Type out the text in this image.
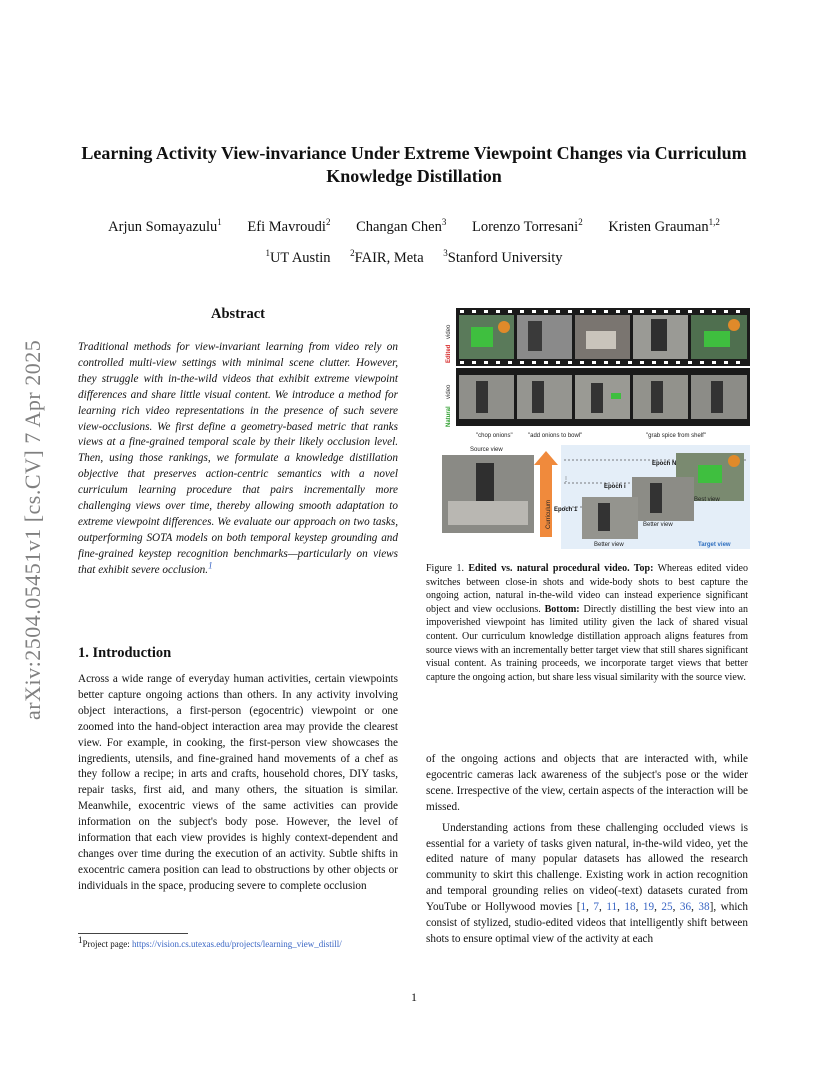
arXiv:2504.05451v1 [cs.CV] 7 Apr 2025
Learning Activity View-invariance Under Extreme Viewpoint Changes via Curriculum Knowledge Distillation
Arjun Somayazulu$^1$ Efi Mavroudi$^2$ Changan Chen$^3$ Lorenzo Torresani$^2$ Kristen Grauman$^{1,2}$
$^1$UT Austin $^2$FAIR, Meta $^3$Stanford University
Abstract
Traditional methods for view-invariant learning from video rely on controlled multi-view settings with minimal scene clutter. However, they struggle with in-the-wild videos that exhibit extreme viewpoint differences and share little visual content. We introduce a method for learning rich video representations in the presence of such severe view-occlusions. We first define a geometry-based metric that ranks views at a fine-grained temporal scale by their likely occlusion level. Then, using those rankings, we formulate a knowledge distillation objective that preserves action-centric semantics with a novel curriculum learning procedure that pairs incrementally more challenging views over time, thereby allowing smooth adaptation to extreme viewpoint differences. We evaluate our approach on two tasks, outperforming SOTA models on both temporal keystep grounding and fine-grained keystep recognition benchmarks—particularly on views that exhibit severe occlusion.$^1$
1. Introduction
Across a wide range of everyday human activities, certain viewpoints better capture ongoing actions than others. In any activity involving object interactions, a first-person (egocentric) viewpoint or one zoomed into the hand-object interaction area may provide the clearest view. For example, in cooking, the first-person view showcases the ingredients, utensils, and fine-grained hand movements of a chef as they follow a recipe; in arts and crafts, household chores, DIY tasks, repair tasks, first aid, and many others, the situation is similar. Meanwhile, exocentric views of the same activities can provide information on the subject's body pose. However, the level of information that each view provides is highly context-dependent and changes over time during the execution of an activity. Subtle shifts in exocentric camera position can lead to obstructions by other objects or individuals in the space, producing severe to complete occlusion
$^1$Project page: https://vision.cs.utexas.edu/projects/learning_view_distill/
Edited
video
Natural
video
"chop onions"	"add onions to bowl"	"grab spice from shelf"
Source view
Curriculum
⋮
Epoch N
Epoch i
Epoch 1
Best view
Better view
Better view	Target view
Figure 1. Edited vs. natural procedural video. Top: Whereas edited video switches between close-in shots and wide-body shots to best capture the ongoing action, natural in-the-wild video can instead experience significant object and view occlusions. Bottom: Directly distilling the best view into an impoverished viewpoint has limited utility given the lack of shared visual content. Our curriculum knowledge distillation approach aligns features from source views with an incrementally better target view that still shares significant visual content. As training proceeds, we incorporate target views that better capture the ongoing action, but share less visual similarity with the source view.

of the ongoing actions and objects that are interacted with, while egocentric cameras lack awareness of the subject's pose or the wider scene. Irrespective of the view, certain aspects of the interaction will be missed.

Understanding actions from these challenging occluded views is essential for a variety of tasks given natural, in-the-wild video, yet the edited nature of many popular datasets has allowed the research community to skirt this challenge. Existing work in action recognition and temporal grounding relies on video(-text) datasets curated from YouTube or Hollywood movies [1, 7, 11, 18, 19, 25, 36, 38], which consist of stylized, studio-edited videos that intelligently shift between shots to ensure optimal view of the activity at each

1
